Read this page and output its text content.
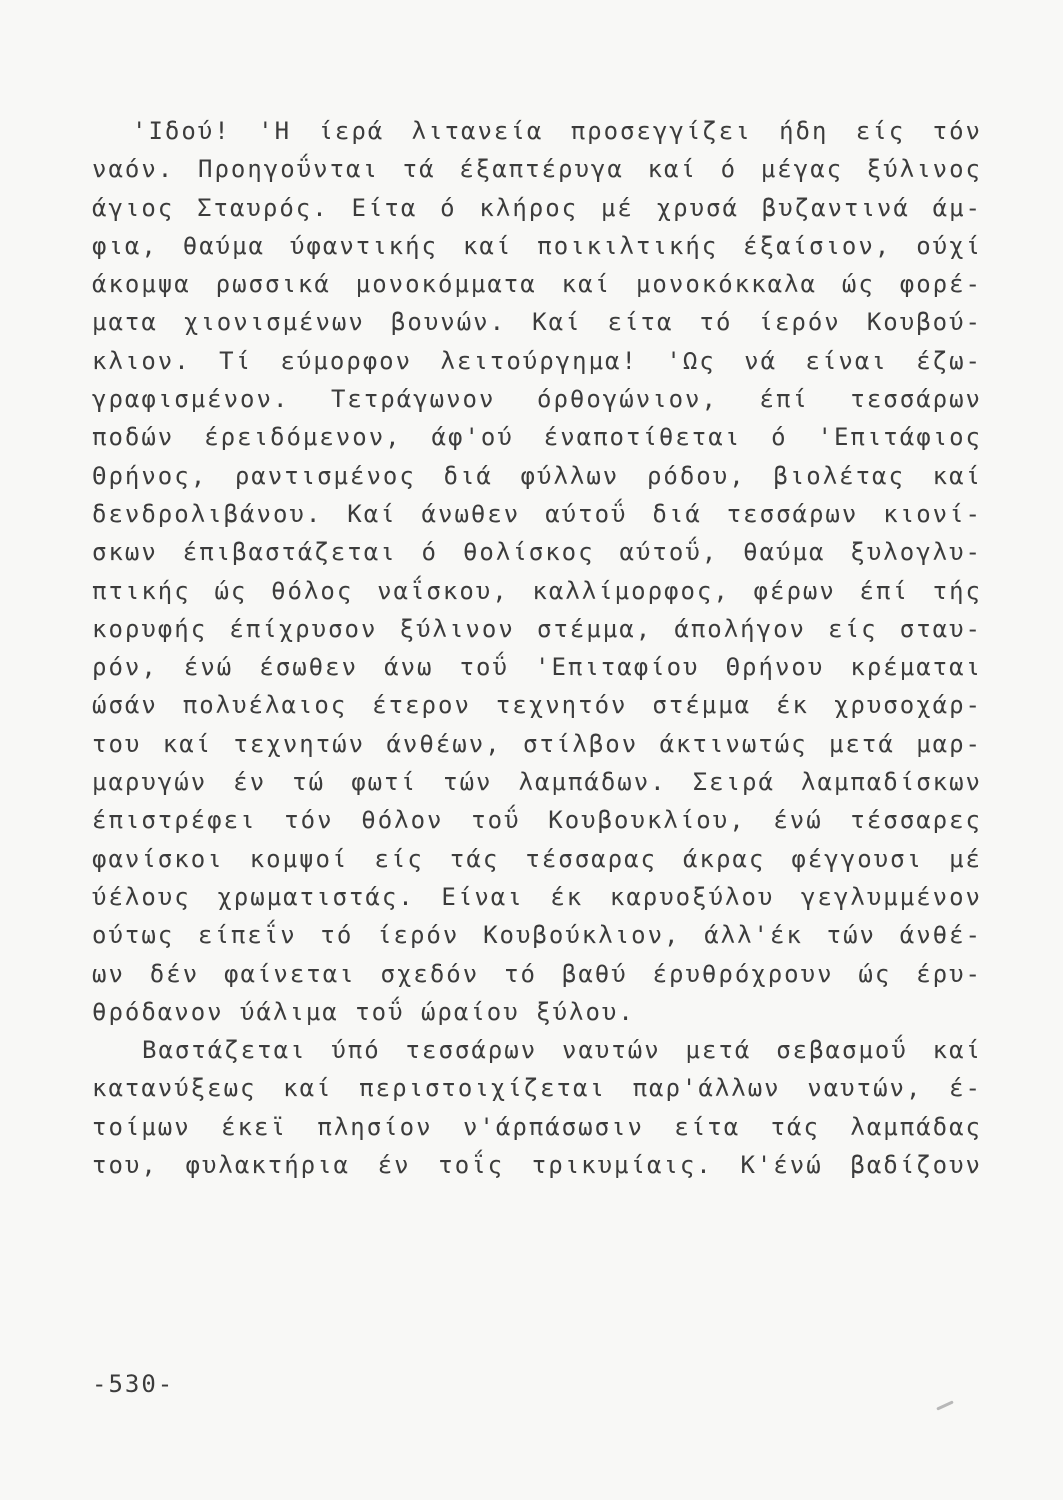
'Ιδού! 'Η ίερά λιτανεία προσεγγίζει ήδη είς τόν
ναόν. Προηγοΰνται τά έξαπτέρυγα καί ό μέγας ξύλινος
άγιος Σταυρός. Είτα ό κλήρος μέ χρυσά βυζαντινά άμ-
φια, θαύμα ύφαντικής καί ποικιλτικής έξαίσιον, ούχί
άκομψα ρωσσικά μονοκόμματα καί μονοκόκκαλα ώς φορέ-
ματα χιονισμένων βουνών. Καί είτα τό ίερόν Κουβού-
κλιον. Τί εύμορφον λειτούργημα! 'Ως νά είναι έζω-
γραφισμένον. Τετράγωνον όρθογώνιον, έπί τεσσάρων
ποδών έρειδόμενον, άφ'ού έναποτίθεται ό 'Επιτάφιος
Θρήνος, ραντισμένος διά φύλλων ρόδου, βιολέτας καί
δενδρολιβάνου. Καί άνωθεν αύτοΰ διά τεσσάρων κιονί-
σκων έπιβαστάζεται ό θολίσκος αύτοΰ, θαύμα ξυλογλυ-
πτικής ώς θόλος ναΐσκου, καλλίμορφος, φέρων έπί τής
κορυφής έπίχρυσον ξύλινον στέμμα, άπολήγον είς σταυ-
ρόν, ένώ έσωθεν άνω τοΰ 'Επιταφίου Θρήνου κρέμαται
ώσάν πολυέλαιος έτερον τεχνητόν στέμμα έκ χρυσοχάρ-
του καί τεχνητών άνθέων, στίλβον άκτινωτώς μετά μαρ-
μαρυγών έν τώ φωτί τών λαμπάδων. Σειρά λαμπαδίσκων
έπιστρέφει τόν θόλον τοΰ Κουβουκλίου, ένώ τέσσαρες
φανίσκοι κομψοί είς τάς τέσσαρας άκρας φέγγουσι μέ
ύέλους χρωματιστάς. Είναι έκ καρυοξύλου γεγλυμμένον
ούτως είπεΐν τό ίερόν Κουβούκλιον, άλλ'έκ τών άνθέ-
ων δέν φαίνεται σχεδόν τό βαθύ έρυθρόχρουν ώς έρυ-
θρόδανον ύάλιμα τοΰ ώραίου ξύλου.
Βαστάζεται ύπό τεσσάρων ναυτών μετά σεβασμοΰ καί
κατανύξεως καί περιστοιχίζεται παρ'άλλων ναυτών, έ-
τοίμων έκεϊ πλησίον ν'άρπάσωσιν είτα τάς λαμπάδας
του, φυλακτήρια έν τοΐς τρικυμίαις. Κ'ένώ βαδίζουν
-530-
